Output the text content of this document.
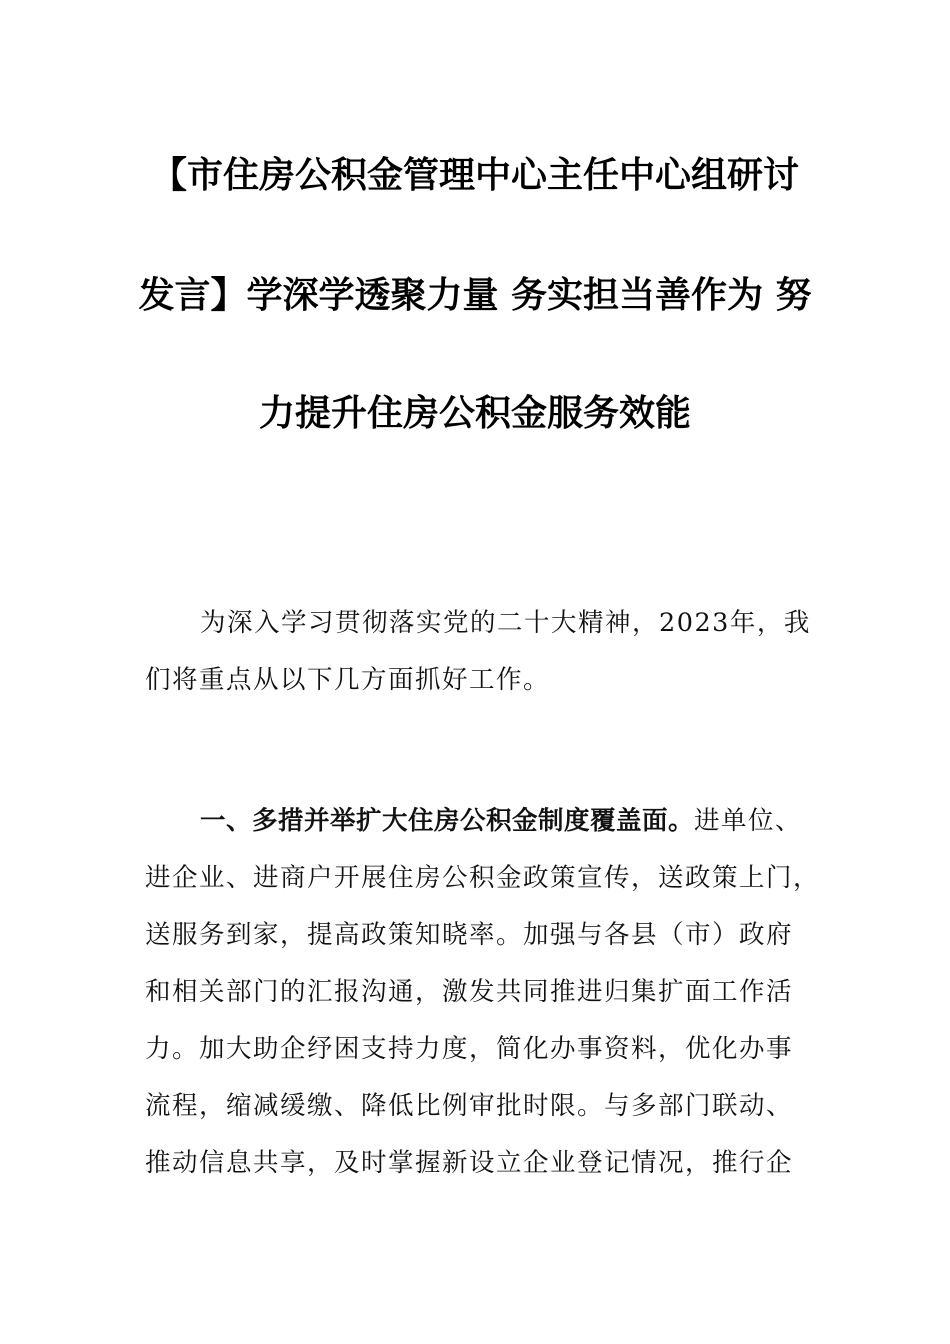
【市住房公积金管理中心主任中心组研讨
发言】学深学透聚力量 务实担当善作为 努
力提升住房公积金服务效能
为深入学习贯彻落实党的二十大精神，2023年，我
们将重点从以下几方面抓好工作。
一、多措并举扩大住房公积金制度覆盖面。进单位、
进企业、进商户开展住房公积金政策宣传，送政策上门，
送服务到家，提高政策知晓率。加强与各县（市）政府
和相关部门的汇报沟通，激发共同推进归集扩面工作活
力。加大助企纾困支持力度，简化办事资料，优化办事
流程，缩减缓缴、降低比例审批时限。与多部门联动、
推动信息共享，及时掌握新设立企业登记情况，推行企
